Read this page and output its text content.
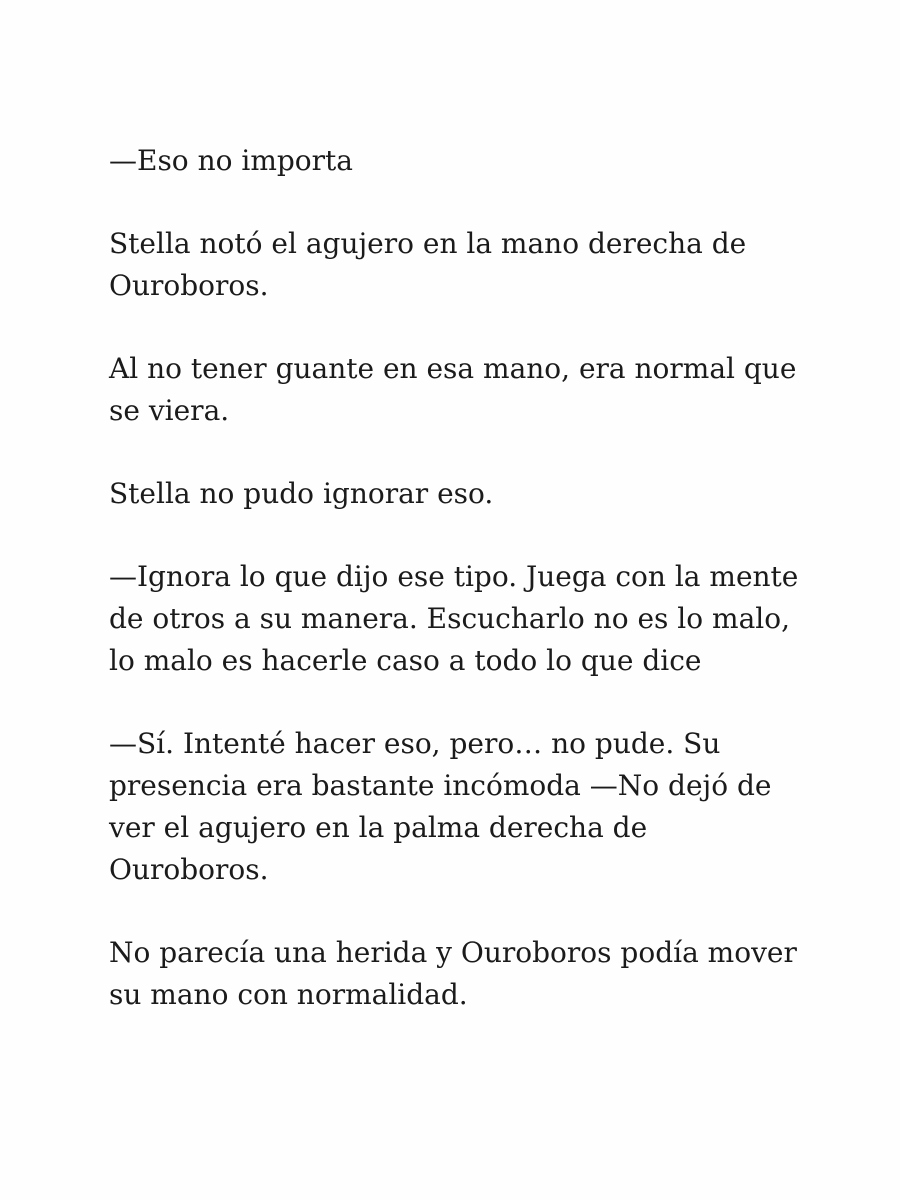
—Eso no importa

Stella notó el agujero en la mano derecha de Ouroboros.

Al no tener guante en esa mano, era normal que se viera.

Stella no pudo ignorar eso.

—Ignora lo que dijo ese tipo. Juega con la mente de otros a su manera. Escucharlo no es lo malo, lo malo es hacerle caso a todo lo que dice

—Sí. Intenté hacer eso, pero… no pude. Su presencia era bastante incómoda —No dejó de ver el agujero en la palma derecha de Ouroboros.

No parecía una herida y Ouroboros podía mover su mano con normalidad.
